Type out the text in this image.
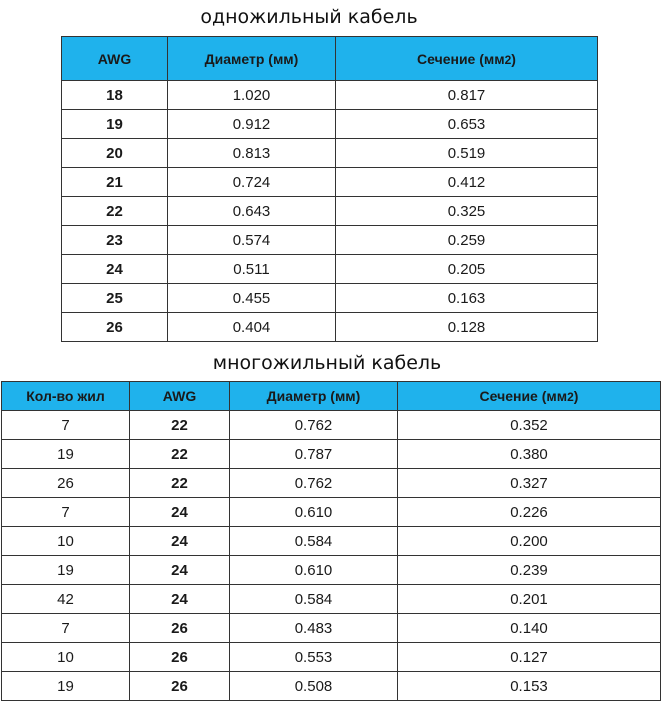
одножильный кабель
AWG	Диаметр (мм)	Сечение (мм2)
18	1.020	0.817
19	0.912	0.653
20	0.813	0.519
21	0.724	0.412
22	0.643	0.325
23	0.574	0.259
24	0.511	0.205
25	0.455	0.163
26	0.404	0.128
многожильный кабель
Кол-во жил	AWG	Диаметр (мм)	Сечение (мм2)
7	22	0.762	0.352
19	22	0.787	0.380
26	22	0.762	0.327
7	24	0.610	0.226
10	24	0.584	0.200
19	24	0.610	0.239
42	24	0.584	0.201
7	26	0.483	0.140
10	26	0.553	0.127
19	26	0.508	0.153
